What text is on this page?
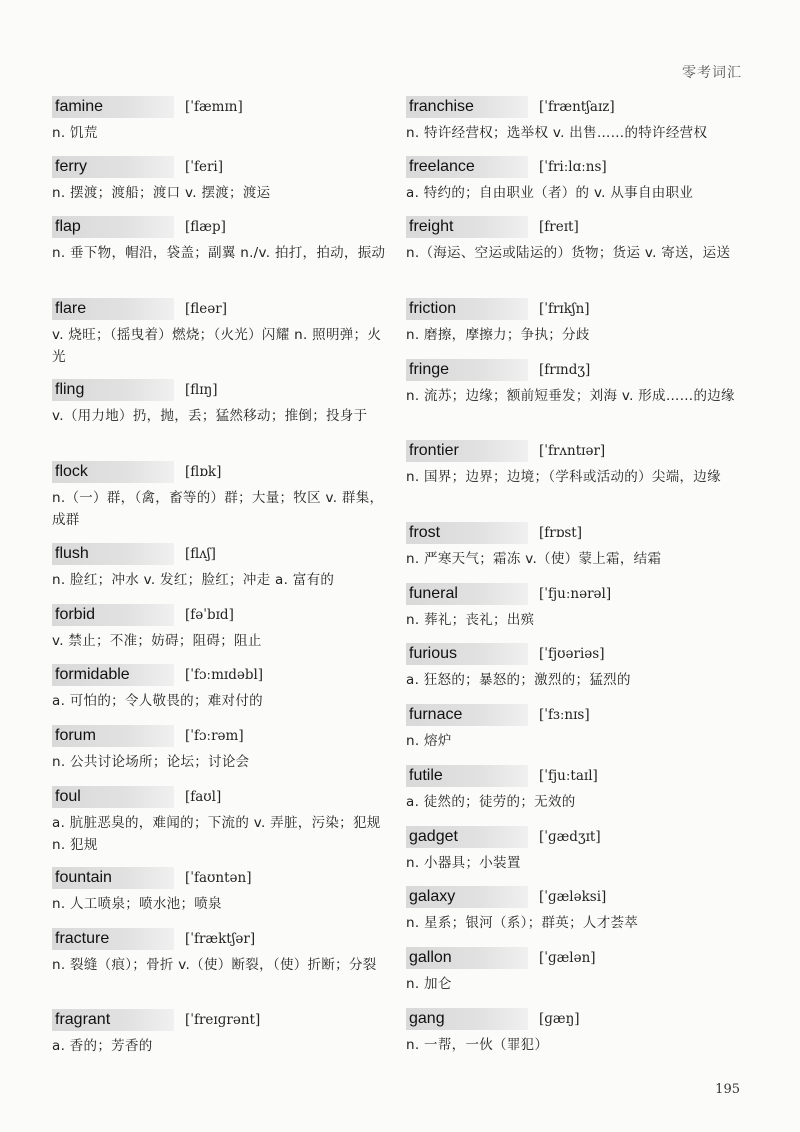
零考词汇
famine	[ˈfæmɪn]

n. 饥荒

ferry	[ˈferi]

n. 摆渡；渡船；渡口 v. 摆渡；渡运

flap	[flæp]

n. 垂下物，帽沿，袋盖；副翼 n./v. 拍打，拍动，振动

flare	[fleər]

v. 烧旺；（摇曳着）燃烧；（火光）闪耀 n. 照明弹；火光

fling	[flɪŋ]

v.（用力地）扔，抛，丢；猛然移动；推倒；投身于

flock	[flɒk]

n.（一）群，（禽，畜等的）群；大量；牧区 v. 群集，成群

flush	[flʌʃ]

n. 脸红；冲水 v. 发红；脸红；冲走 a. 富有的

forbid	[fəˈbɪd]

v. 禁止；不准；妨碍；阻碍；阻止

formidable	[ˈfɔːmɪdəbl]

a. 可怕的；令人敬畏的；难对付的

forum	[ˈfɔːrəm]

n. 公共讨论场所；论坛；讨论会

foul	[faʊl]

a. 肮脏恶臭的，难闻的；下流的 v. 弄脏，污染；犯规 n. 犯规

fountain	[ˈfaʊntən]

n. 人工喷泉；喷水池；喷泉

fracture	[ˈfræktʃər]

n. 裂缝（痕）；骨折 v.（使）断裂，（使）折断；分裂

fragrant	[ˈfreɪɡrənt]

a. 香的；芳香的

franchise	[ˈfræntʃaɪz]

n. 特许经营权；选举权 v. 出售……的特许经营权

freelance	[ˈfriːlɑːns]

a. 特约的；自由职业（者）的 v. 从事自由职业

freight	[freɪt]

n.（海运、空运或陆运的）货物；货运 v. 寄送，运送

friction	[ˈfrɪkʃn]

n. 磨擦，摩擦力；争执；分歧

fringe	[frɪndʒ]

n. 流苏；边缘；额前短垂发；刘海 v. 形成……的边缘

frontier	[ˈfrʌntɪər]

n. 国界；边界；边境；（学科或活动的）尖端，边缘

frost	[frɒst]

n. 严寒天气；霜冻 v.（使）蒙上霜，结霜

funeral	[ˈfjuːnərəl]

n. 葬礼；丧礼；出殡

furious	[ˈfjʊəriəs]

a. 狂怒的；暴怒的；激烈的；猛烈的

furnace	[ˈfɜːnɪs]

n. 熔炉

futile	[ˈfjuːtaɪl]

a. 徒然的；徒劳的；无效的

gadget	[ˈɡædʒɪt]

n. 小器具；小装置

galaxy	[ˈɡæləksi]

n. 星系；银河（系）；群英；人才荟萃

gallon	[ˈɡælən]

n. 加仑

gang	[ɡæŋ]

n. 一帮，一伙（罪犯）

195
